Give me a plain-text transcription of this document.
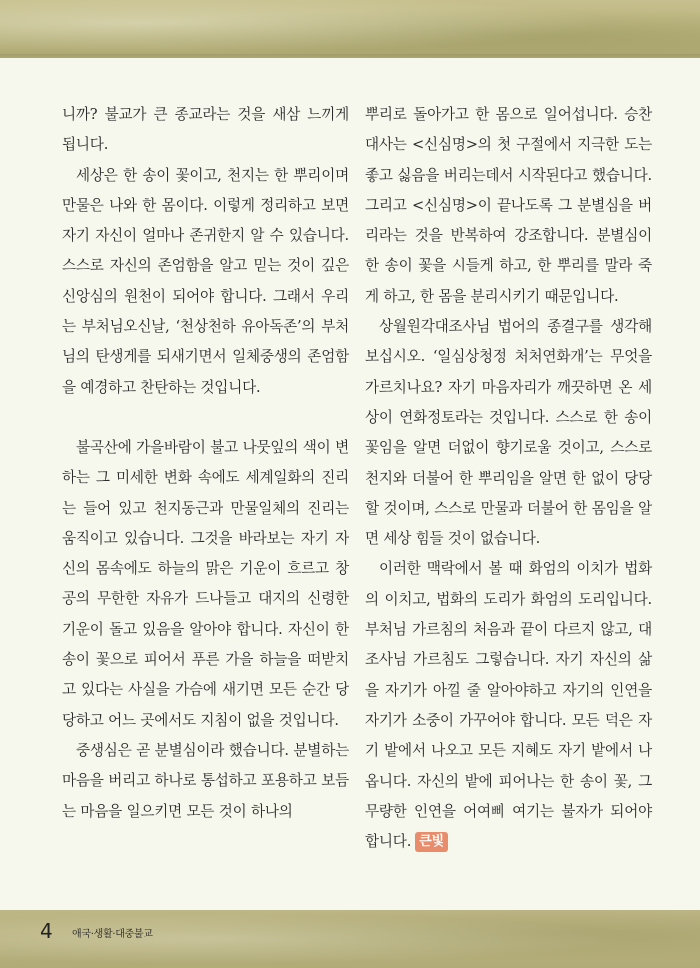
니까? 불교가 큰 종교라는 것을 새삼 느끼게 됩니다.

세상은 한 송이 꽃이고, 천지는 한 뿌리이며 만물은 나와 한 몸이다. 이렇게 정리하고 보면 자기 자신이 얼마나 존귀한지 알 수 있습니다. 스스로 자신의 존엄함을 알고 믿는 것이 깊은 신앙심의 원천이 되어야 합니다. 그래서 우리는 부처님오신날, ‘천상천하 유아독존’의 부처님의 탄생게를 되새기면서 일체중생의 존엄함을 예경하고 찬탄하는 것입니다.

불곡산에 가을바람이 불고 나뭇잎의 색이 변하는 그 미세한 변화 속에도 세계일화의 진리는 들어 있고 천지동근과 만물일체의 진리는 움직이고 있습니다. 그것을 바라보는 자기 자신의 몸속에도 하늘의 맑은 기운이 흐르고 창공의 무한한 자유가 드나들고 대지의 신령한 기운이 돌고 있음을 알아야 합니다. 자신이 한 송이 꽃으로 피어서 푸른 가을 하늘을 떠받치고 있다는 사실을 가슴에 새기면 모든 순간 당당하고 어느 곳에서도 지침이 없을 것입니다.

중생심은 곧 분별심이라 했습니다. 분별하는 마음을 버리고 하나로 통섭하고 포용하고 보듬는 마음을 일으키면 모든 것이 하나의

뿌리로 돌아가고 한 몸으로 일어섭니다. 승찬대사는 <신심명>의 첫 구절에서 지극한 도는 좋고 싫음을 버리는데서 시작된다고 했습니다. 그리고 <신심명>이 끝나도록 그 분별심을 버리라는 것을 반복하여 강조합니다. 분별심이 한 송이 꽃을 시들게 하고, 한 뿌리를 말라 죽게 하고, 한 몸을 분리시키기 때문입니다.

상월원각대조사님 법어의 종결구를 생각해 보십시오. ‘일심상청정 처처연화개’는 무엇을 가르치나요? 자기 마음자리가 깨끗하면 온 세상이 연화정토라는 것입니다. 스스로 한 송이 꽃임을 알면 더없이 향기로울 것이고, 스스로 천지와 더불어 한 뿌리임을 알면 한 없이 당당할 것이며, 스스로 만물과 더불어 한 몸임을 알면 세상 힘들 것이 없습니다.

이러한 맥락에서 볼 때 화엄의 이치가 법화의 이치고, 법화의 도리가 화엄의 도리입니다. 부처님 가르침의 처음과 끝이 다르지 않고, 대조사님 가르침도 그렇습니다. 자기 자신의 삶을 자기가 아낄 줄 알아야하고 자기의 인연을 자기가 소중이 가꾸어야 합니다. 모든 덕은 자기 밭에서 나오고 모든 지혜도 자기 밭에서 나옵니다. 자신의 밭에 피어나는 한 송이 꽃, 그 무량한 인연을 어여삐 여기는 불자가 되어야 합니다. 큰빛

4 애국·생활·대중불교
